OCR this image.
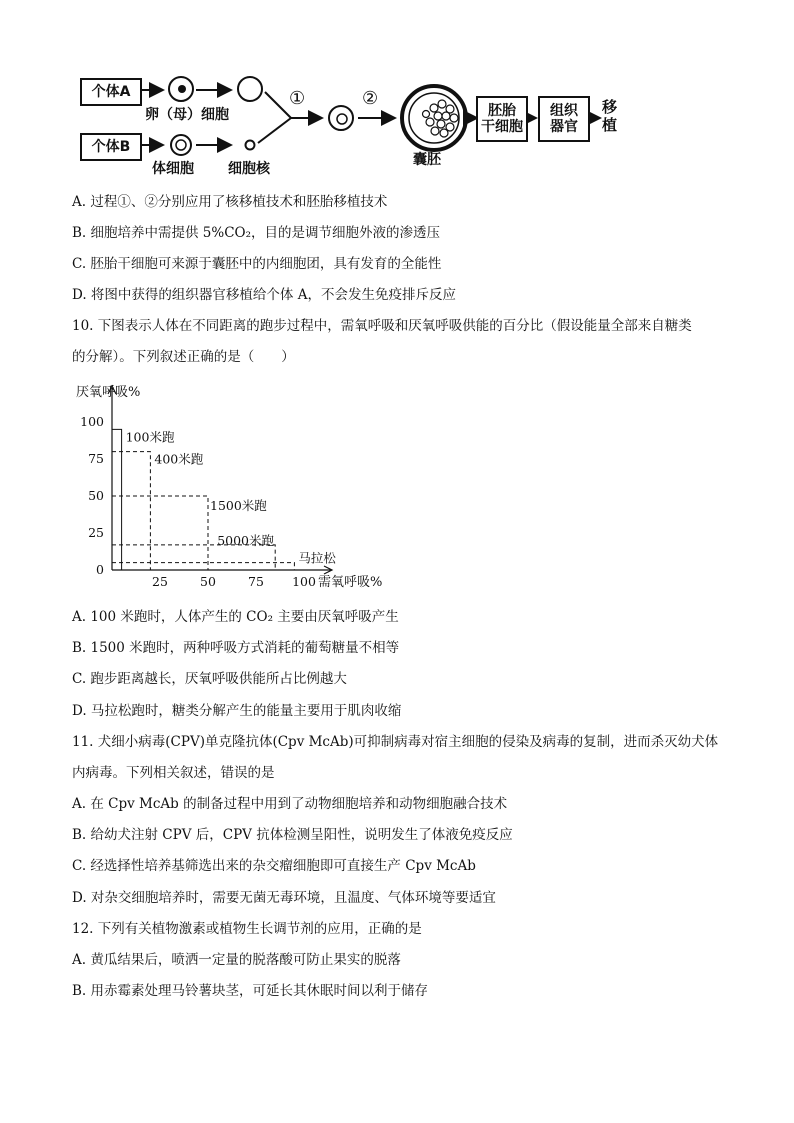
个体A
个体B
卵（母）细胞
体细胞 细胞核
①	②
囊胚
胚胎
干细胞
组织
器官
移
植
A. 过程①、②分别应用了核移植技术和胚胎移植技术
B. 细胞培养中需提供 5%CO₂，目的是调节细胞外液的渗透压
C. 胚胎干细胞可来源于囊胚中的内细胞团，具有发育的全能性
D. 将图中获得的组织器官移植给个体 A，不会发生免疫排斥反应
10. 下图表示人体在不同距离的跑步过程中，需氧呼吸和厌氧呼吸供能的百分比（假设能量全部来自糖类
的分解）。下列叙述正确的是（　　）
厌氧呼吸%
需氧呼吸%
0
25
50
75
100
25	50	75 100
100米跑
400米跑
1500米跑
5000米跑
马拉松
A. 100 米跑时，人体产生的 CO₂ 主要由厌氧呼吸产生
B. 1500 米跑时，两种呼吸方式消耗的葡萄糖量不相等
C. 跑步距离越长，厌氧呼吸供能所占比例越大
D. 马拉松跑时，糖类分解产生的能量主要用于肌肉收缩
11. 犬细小病毒(CPV)单克隆抗体(Cpv McAb)可抑制病毒对宿主细胞的侵染及病毒的复制，进而杀灭幼犬体
内病毒。下列相关叙述，错误的是
A. 在 Cpv McAb 的制备过程中用到了动物细胞培养和动物细胞融合技术
B. 给幼犬注射 CPV 后，CPV 抗体检测呈阳性，说明发生了体液免疫反应
C. 经选择性培养基筛选出来的杂交瘤细胞即可直接生产 Cpv McAb
D. 对杂交细胞培养时，需要无菌无毒环境，且温度、气体环境等要适宜
12. 下列有关植物激素或植物生长调节剂的应用，正确的是
A. 黄瓜结果后，喷洒一定量的脱落酸可防止果实的脱落
B. 用赤霉素处理马铃薯块茎，可延长其休眠时间以利于储存
